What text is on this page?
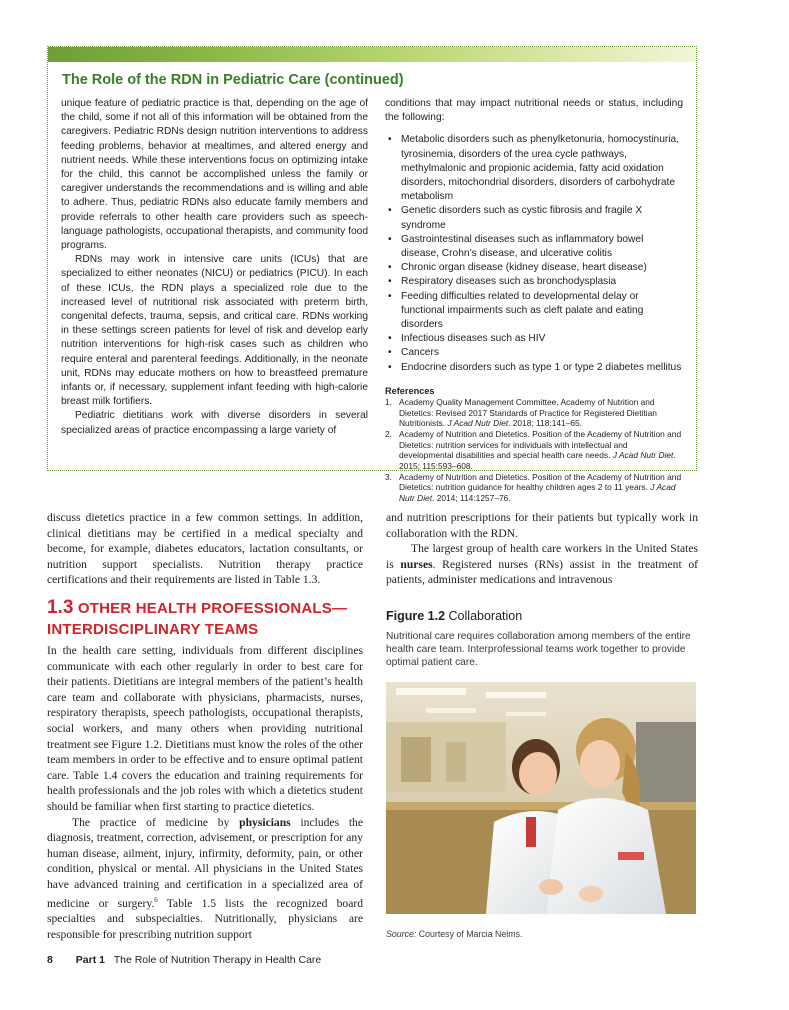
The Role of the RDN in Pediatric Care (continued)

unique feature of pediatric practice is that, depending on the age of the child, some if not all of this information will be obtained from the caregivers. Pediatric RDNs design nutrition interventions to address feeding problems, behavior at mealtimes, and altered energy and nutrient needs. While these interventions focus on optimizing intake for the child, this cannot be accomplished unless the family or caregiver understands the recommendations and is willing and able to adhere. Thus, pediatric RDNs also educate family members and provide referrals to other health care providers such as speech-language pathologists, occupational therapists, and community food programs.

RDNs may work in intensive care units (ICUs) that are specialized to either neonates (NICU) or pediatrics (PICU). In each of these ICUs, the RDN plays a specialized role due to the increased level of nutritional risk associated with preterm birth, congenital defects, trauma, sepsis, and critical care. RDNs working in these settings screen patients for level of risk and develop early nutrition interventions for high-risk cases such as children who require enteral and parenteral feedings. Additionally, in the neonate unit, RDNs may educate mothers on how to breastfeed premature infants or, if necessary, supplement infant feeding with high-calorie breast milk fortifiers.

Pediatric dietitians work with diverse disorders in several specialized areas of practice encompassing a large variety of

conditions that may impact nutritional needs or status, including the following:

• Metabolic disorders such as phenylketonuria, homocystinuria, tyrosinemia, disorders of the urea cycle pathways, methylmalonic and propionic acidemia, fatty acid oxidation disorders, mitochondrial disorders, disorders of carbohydrate metabolism
• Genetic disorders such as cystic fibrosis and fragile X syndrome
• Gastrointestinal diseases such as inflammatory bowel disease, Crohn’s disease, and ulcerative colitis
• Chronic organ disease (kidney disease, heart disease)
• Respiratory diseases such as bronchodysplasia
• Feeding difficulties related to developmental delay or functional impairments such as cleft palate and eating disorders
• Infectious diseases such as HIV
• Cancers
• Endocrine disorders such as type 1 or type 2 diabetes mellitus
References
1. Academy Quality Management Committee. Academy of Nutrition and Dietetics: Revised 2017 Standards of Practice for Registered Dietitian Nutritionists. J Acad Nutr Diet. 2018; 118:141–65.
2. Academy of Nutrition and Dietetics. Position of the Academy of Nutrition and Dietetics: nutrition services for individuals with intellectual and developmental disabilities and special health care needs. J Acad Nutr Diet. 2015; 115:593–608.
3. Academy of Nutrition and Dietetics. Position of the Academy of Nutrition and Dietetics: nutrition guidance for healthy children ages 2 to 11 years. J Acad Nutr Diet. 2014; 114:1257–76.

discuss dietetics practice in a few common settings. In addition, clinical dietitians may be certified in a medical specialty and become, for example, diabetes educators, lactation consultants, or nutrition support specialists. Nutrition therapy practice certifications and their requirements are listed in Table 1.3.

1.3 OTHER HEALTH PROFESSIONALS— INTERDISCIPLINARY TEAMS

In the health care setting, individuals from different disciplines communicate with each other regularly in order to best care for their patients. Dietitians are integral members of the patient’s health care team and collaborate with physicians, pharmacists, nurses, respiratory therapists, speech pathologists, occupational therapists, social workers, and many others when providing nutritional treatment see Figure 1.2. Dietitians must know the roles of the other team members in order to be effective and to ensure optimal patient care. Table 1.4 covers the education and training requirements for health professionals and the job roles with which a dietetics student should be familiar when first starting to practice dietetics.

The practice of medicine by physicians includes the diagnosis, treatment, correction, advisement, or prescription for any human disease, ailment, injury, infirmity, deformity, pain, or other condition, physical or mental. All physicians in the United States have advanced training and certification in a specialized area of medicine or surgery.$^6$ Table 1.5 lists the recognized board specialties and subspecialties. Nutritionally, physicians are responsible for prescribing nutrition support

and nutrition prescriptions for their patients but typically work in collaboration with the RDN.

The largest group of health care workers in the United States is nurses. Registered nurses (RNs) assist in the treatment of patients, administer medications and intravenous

Figure 1.2 Collaboration
Nutritional care requires collaboration among members of the entire health care team. Interprofessional teams work together to provide optimal patient care.
Source: Courtesy of Marcia Nelms.
8 Part 1 The Role of Nutrition Therapy in Health Care
